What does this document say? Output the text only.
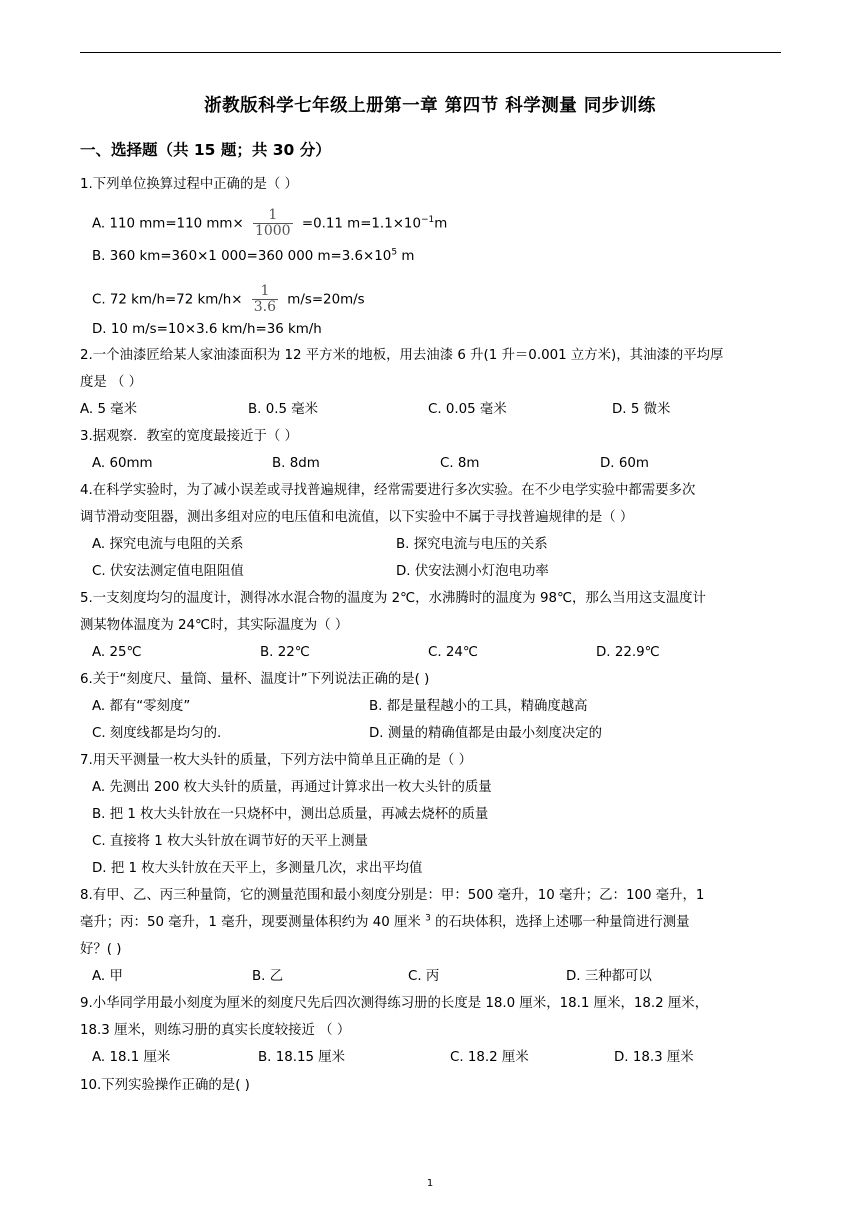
浙教版科学七年级上册第一章 第四节 科学测量 同步训练
一、选择题（共 15 题；共 30 分）
1.下列单位换算过程中正确的是（ ）
A. 110 mm=110 $mm\times \frac{1}{1000} =0.11$ $m=1.1\times 10^{-1}m$
B. 360 km=360×1 000=360 000 $m=3.6\times 10^5$ m
C. 72 km/h=72 $km/h\times \frac{1}{3.6} m/s=20m/s$
D. 10 m/s=10×3.6 km/h=36 km/h
2.一个油漆匠给某人家油漆面积为 12 平方米的地板，用去油漆 6 升(1 升＝0.001 立方米)，其油漆的平均厚
度是 （ ）
A. 5 毫米	B. 0.5 毫米	C. 0.05 毫米	D. 5 微米
3.据观察．教室的宽度最接近于（ ）
A. 60mm	B. 8dm	C. 8m	D. 60m
4.在科学实验时，为了减小误差或寻找普遍规律，经常需要进行多次实验。在不少电学实验中都需要多次
调节滑动变阻器，测出多组对应的电压值和电流值，以下实验中不属于寻找普遍规律的是（ ）
A. 探究电流与电阻的关系	B. 探究电流与电压的关系
C. 伏安法测定值电阻阻值	D. 伏安法测小灯泡电功率
5.一支刻度均匀的温度计，测得冰水混合物的温度为 2℃，水沸腾时的温度为 98℃，那么当用这支温度计
测某物体温度为 24℃时，其实际温度为（ ）
A. 25℃	B. 22℃	C. 24℃	D. 22.9℃
6.关于“刻度尺、量筒、量杯、温度计”下列说法正确的是( )
A. 都有“零刻度”	B. 都是量程越小的工具，精确度越高
C. 刻度线都是均匀的.	D. 测量的精确值都是由最小刻度决定的
7.用天平测量一枚大头针的质量，下列方法中简单且正确的是（ ）
A. 先测出 200 枚大头针的质量，再通过计算求出一枚大头针的质量
B. 把 1 枚大头针放在一只烧杯中，测出总质量，再减去烧杯的质量
C. 直接将 1 枚大头针放在调节好的天平上测量
D. 把 1 枚大头针放在天平上，多测量几次，求出平均值
8.有甲、乙、丙三种量筒，它的测量范围和最小刻度分别是：甲：500 毫升，10 毫升；乙：100 毫升，1
毫升；丙：50 毫升，1 毫升，现要测量体积约为 40 厘米 $^3$ 的石块体积，选择上述哪一种量筒进行测量
好？( )
A. 甲	B. 乙	C. 丙	D. 三种都可以
9.小华同学用最小刻度为厘米的刻度尺先后四次测得练习册的长度是 18.0 厘米，18.1 厘米，18.2 厘米，
18.3 厘米，则练习册的真实长度较接近 （ ）
A. 18.1 厘米	B. 18.15 厘米	C. 18.2 厘米	D. 18.3 厘米
10.下列实验操作正确的是( )
1
